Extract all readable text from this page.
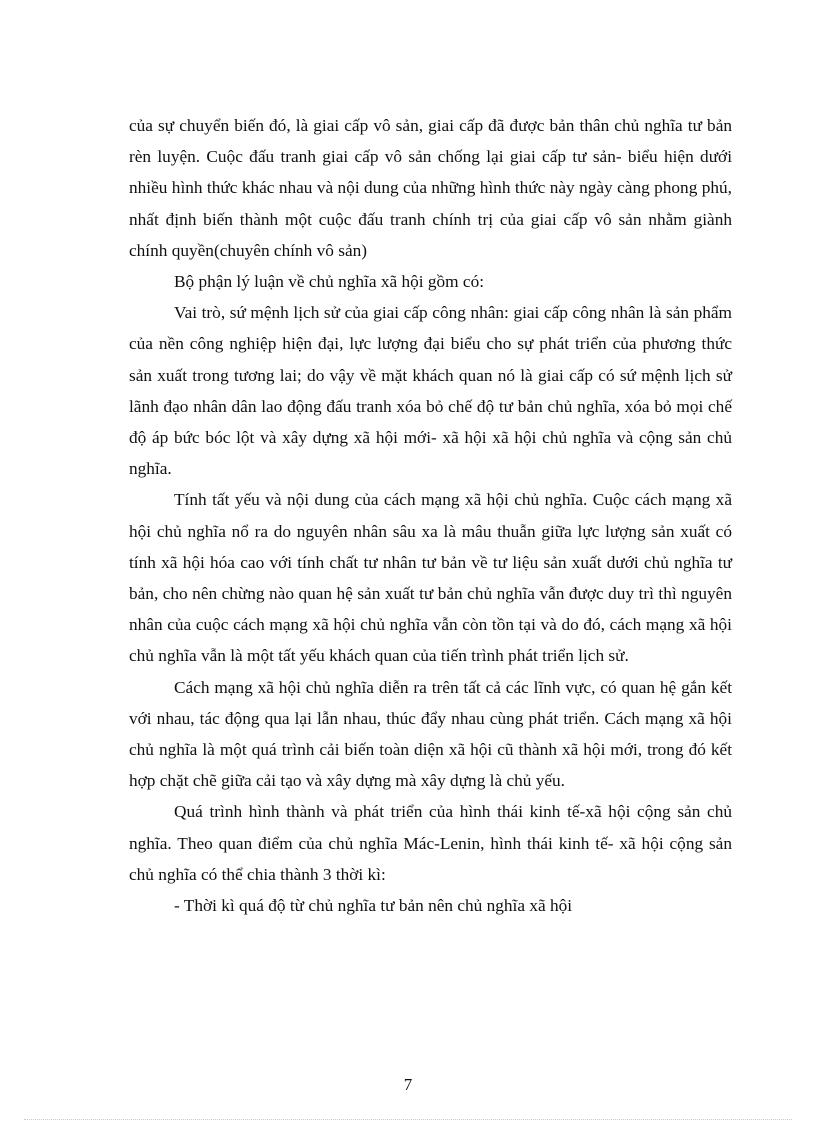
của sự chuyển biến đó, là giai cấp vô sản, giai cấp đã được bản thân chủ nghĩa tư bản rèn luyện. Cuộc đấu tranh giai cấp vô sản chống lại giai cấp tư sản- biểu hiện dưới nhiều hình thức khác nhau và nội dung của những hình thức này ngày càng phong phú, nhất định biến thành một cuộc đấu tranh chính trị của giai cấp vô sản nhằm giành chính quyền(chuyên chính vô sản)

Bộ phận lý luận về chủ nghĩa xã hội gồm có:

Vai trò, sứ mệnh lịch sử của giai cấp công nhân: giai cấp công nhân là sản phẩm của nền công nghiệp hiện đại, lực lượng đại biểu cho sự phát triển của phương thức sản xuất trong tương lai; do vậy về mặt khách quan nó là giai cấp có sứ mệnh lịch sử lãnh đạo nhân dân lao động đấu tranh xóa bỏ chế độ tư bản chủ nghĩa, xóa bỏ mọi chế độ áp bức bóc lột và xây dựng xã hội mới- xã hội xã hội chủ nghĩa và cộng sản chủ nghĩa.

Tính tất yếu và nội dung của cách mạng xã hội chủ nghĩa. Cuộc cách mạng xã hội chủ nghĩa nổ ra do nguyên nhân sâu xa là mâu thuẫn giữa lực lượng sản xuất có tính xã hội hóa cao với tính chất tư nhân tư bản về tư liệu sản xuất dưới chủ nghĩa tư bản, cho nên chừng nào quan hệ sản xuất tư bản chủ nghĩa vẫn được duy trì thì nguyên nhân của cuộc cách mạng xã hội chủ nghĩa vẫn còn tồn tại và do đó, cách mạng xã hội chủ nghĩa vẫn là một tất yếu khách quan của tiến trình phát triển lịch sử.

Cách mạng xã hội chủ nghĩa diễn ra trên tất cả các lĩnh vực, có quan hệ gắn kết với nhau, tác động qua lại lẫn nhau, thúc đẩy nhau cùng phát triển. Cách mạng xã hội chủ nghĩa là một quá trình cải biến toàn diện xã hội cũ thành xã hội mới, trong đó kết hợp chặt chẽ giữa cải tạo và xây dựng mà xây dựng là chủ yếu.

Quá trình hình thành và phát triển của hình thái kinh tế-xã hội cộng sản chủ nghĩa. Theo quan điểm của chủ nghĩa Mác-Lenin, hình thái kinh tế- xã hội cộng sản chủ nghĩa có thể chia thành 3 thời kì:

- Thời kì quá độ từ chủ nghĩa tư bản nên chủ nghĩa xã hội

7
